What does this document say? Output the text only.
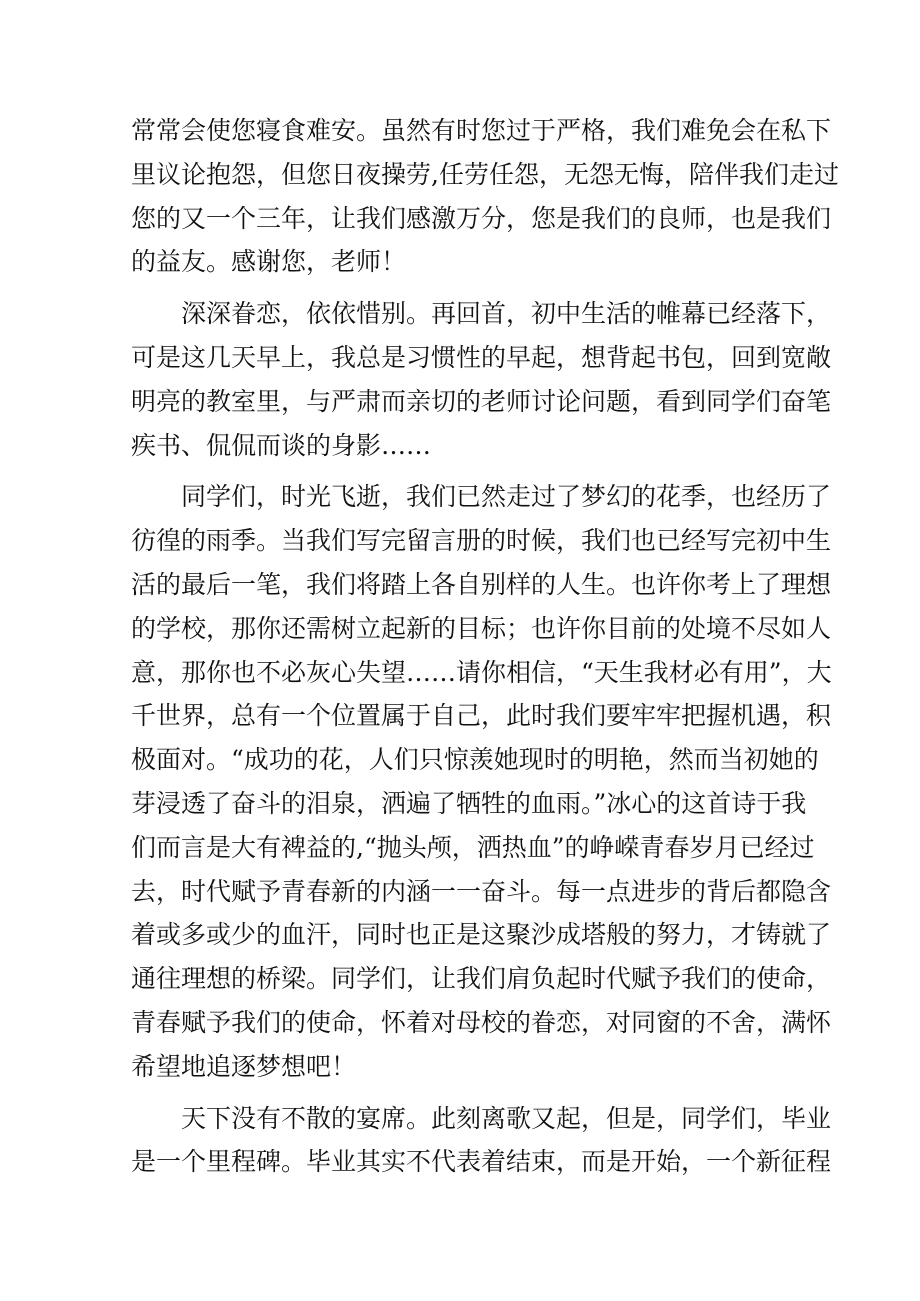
常常会使您寝食难安。虽然有时您过于严格，我们难免会在私下
里议论抱怨，但您日夜操劳,任劳任怨，无怨无悔，陪伴我们走过
您的又一个三年，让我们感激万分，您是我们的良师，也是我们
的益友。感谢您，老师！
深深眷恋，依依惜别。再回首，初中生活的帷幕已经落下，
可是这几天早上，我总是习惯性的早起，想背起书包，回到宽敞
明亮的教室里，与严肃而亲切的老师讨论问题，看到同学们奋笔
疾书、侃侃而谈的身影……
同学们，时光飞逝，我们已然走过了梦幻的花季，也经历了
彷徨的雨季。当我们写完留言册的时候，我们也已经写完初中生
活的最后一笔，我们将踏上各自别样的人生。也许你考上了理想
的学校，那你还需树立起新的目标；也许你目前的处境不尽如人
意，那你也不必灰心失望……请你相信，“天生我材必有用”，大
千世界，总有一个位置属于自己，此时我们要牢牢把握机遇，积
极面对。“成功的花，人们只惊羡她现时的明艳，然而当初她的
芽浸透了奋斗的泪泉，洒遍了牺牲的血雨。”冰心的这首诗于我
们而言是大有裨益的,“抛头颅，洒热血”的峥嵘青春岁月已经过
去，时代赋予青春新的内涵一一奋斗。每一点进步的背后都隐含
着或多或少的血汗，同时也正是这聚沙成塔般的努力，才铸就了
通往理想的桥梁。同学们，让我们肩负起时代赋予我们的使命，
青春赋予我们的使命，怀着对母校的眷恋，对同窗的不舍，满怀
希望地追逐梦想吧！
天下没有不散的宴席。此刻离歌又起，但是，同学们，毕业
是一个里程碑。毕业其实不代表着结束，而是开始，一个新征程
